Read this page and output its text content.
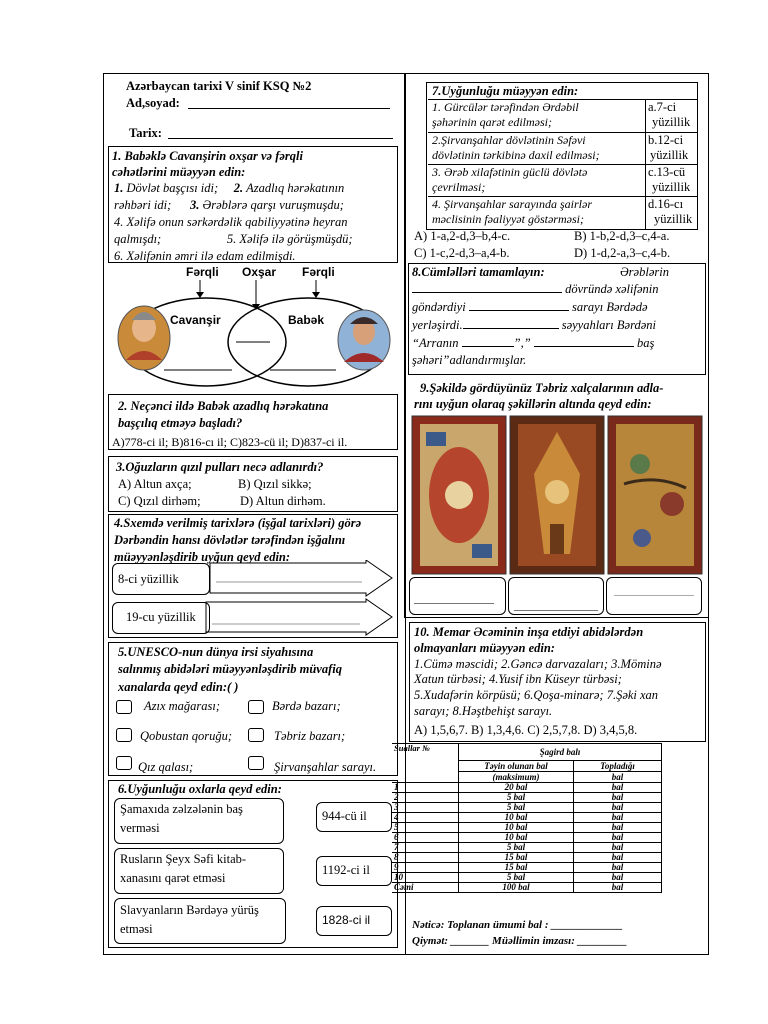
Azərbaycan tarixi V sinif KSQ №2
Ad,soyad:
Tarix:
1. Babəklə Cavanşirin oxşar və fərqli
cəhətlərini müəyyən edin:
1. Dövlət başçısı idi; 2. Azadlıq hərəkatının
rəhbəri idi; 3. Ərəblərə qarşı vuruşmuşdu;
4. Xəlifə onun sərkərdəlik qabiliyyətinə heyran
qalmışdı;	5. Xəlifə ilə görüşmüşdü;
6. Xəlifənin əmri ilə edam edilmişdi.
Fərqli Oxşar Fərqli
Cavanşir	Babək
2. Neçənci ildə Babək azadlıq hərəkatına
başçılıq etməyə başladı?
A)778-ci il; B)816-cı il; C)823-cü il; D)837-ci il.
3.Oğuzların qızıl pulları necə adlanırdı?
A) Altun axça;	B) Qızıl sikkə;
C) Qızıl dirhəm;	D) Altun dirhəm.
4.Sxemdə verilmiş tarixlərə (işğal tarixləri) görə
Dərbəndin hansı dövlətlər tərəfindən işğalını
müəyyənləşdirib uyğun qeyd edin:
8-ci yüzillik
19-cu yüzillik
5.UNESCO-nun dünya irsi siyahısına
salınmış abidələri müəyyənləşdirib müvafiq
xanalarda qeyd edin:( )
Azıx mağarası;	Bərdə bazarı;
Qobustan qoruğu;	Təbriz bazarı;
Qız qalası;	Şirvanşahlar sarayı.
6.Uyğunluğu oxlarla qeyd edin:
Şamaxıda zəlzələnin baş
verməsi
Rusların Şeyx Səfi kitab-
xanasını qarət etməsi
Slavyanların Bərdəyə yürüş
etməsi
944-cü il
1192-ci il
1828-ci il
7.Uyğunluğu müəyyən edin:
1. Gürcülər tərəfindən Ərdəbil
şəhərinin qarət edilməsi;
a.7-ci
yüzillik
2.Şirvanşahlar dövlətinin Səfəvi
dövlətinin tərkibinə daxil edilməsi;
b.12-ci
yüzillik
3. Ərəb xilafətinin güclü dövlətə
çevrilməsi;
c.13-cü
yüzillik
4. Şirvanşahlar sarayında şairlər
məclisinin fəaliyyət göstərməsi;
d.16-cı
yüzillik
A) 1-a,2-d,3–b,4-c.	B) 1-b,2-d,3–c,4-a.
C) 1-c,2-d,3–a,4-b.	D) 1-d,2-a,3–c,4-b.
8.Cümləlləri tamamlayın:	Ərəblərin
dövründə xəlifənin
göndərdiyi	sarayı Bərdədə
yerləşirdi.	səyyahları Bərdəni
“Arranın	”,”	baş
şəhəri”adlandırmışlar.
9.Şəkildə gördüyünüz Təbriz xalçalarının adla-
rını uyğun olaraq şəkillərin altında qeyd edin:
10. Memar Əcəminin inşa etdiyi abidələrdən
olmayanları müəyyən edin:
1.Cümə məscidi; 2.Gəncə darvazaları; 3.Möminə
Xatun türbəsi; 4.Yusif ibn Küseyr türbəsi;
5.Xudafərin körpüsü; 6.Qoşa-minarə; 7.Şəki xan
sarayı; 8.Həştbehişt sarayı.
A) 1,5,6,7. B) 1,3,4,6. C) 2,5,7,8. D) 3,4,5,8.
Suallar №	Şagird balı	
	Təyin olunan bal	Topladığı
	(maksimum)	bal
1	20 bal	bal
2	5 bal	bal
3	5 bal	bal
4	10 bal	bal
5	10 bal	bal
6	10 bal	bal
7	5 bal	bal
8	15 bal	bal
9	15 bal	bal
10	5 bal	bal
Cəmi	100 bal	bal
Nəticə: Toplanan ümumi bal : _____________
Qiymət: _______ Müəllimin imzası: _________
